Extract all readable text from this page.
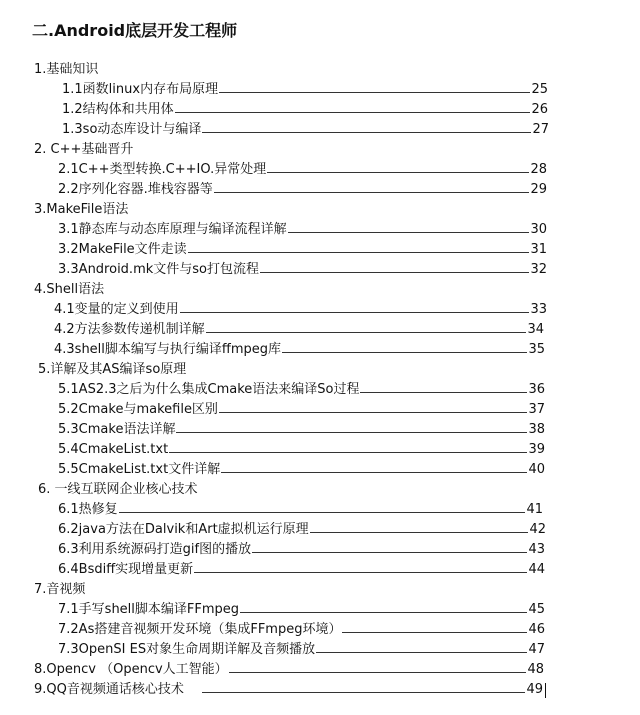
二.Android底层开发工程师
1.基础知识
1.1函数linux内存布局原理	25
1.2结构体和共用体	26
1.3so动态库设计与编译	27
2. C++基础晋升
2.1C++类型转换.C++IO.异常处理	28
2.2序列化容器.堆栈容器等	29
3.MakeFile语法
3.1静态库与动态库原理与编译流程详解	30
3.2MakeFile文件走读	31
3.3Android.mk文件与so打包流程	32
4.Shell语法
4.1变量的定义到使用	33
4.2方法参数传递机制详解	34
4.3shell脚本编写与执行编译ffmpeg库	35
5.详解及其AS编译so原理
5.1AS2.3之后为什么集成Cmake语法来编译So过程	36
5.2Cmake与makefile区别	37
5.3Cmake语法详解	38
5.4CmakeList.txt	39
5.5CmakeList.txt文件详解	40
6. 一线互联网企业核心技术
6.1热修复	41
6.2java方法在Dalvik和Art虚拟机运行原理	42
6.3利用系统源码打造gif图的播放	43
6.4Bsdiff实现增量更新	44
7.音视频
7.1手写shell脚本编译FFmpeg	45
7.2As搭建音视频开发环境（集成FFmpeg环境）	46
7.3OpenSI ES对象生命周期详解及音频播放	47
8.Opencv （Opencv人工智能）	48
9.QQ音视频通话核心技术	49
